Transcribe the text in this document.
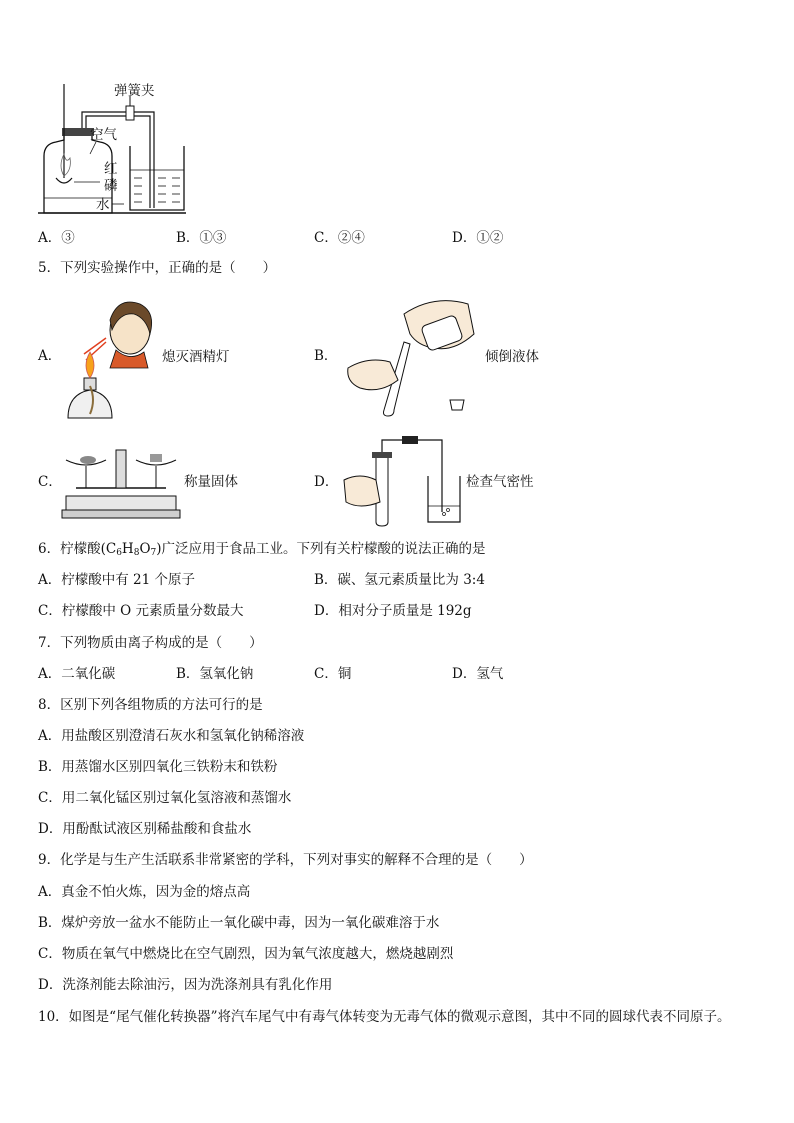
弹簧夹
空气
红
磷
水
A．③	B．①③	C．②④	D．①②
5．下列实验操作中，正确的是（　　）
A．	熄灭酒精灯	B．	倾倒液体
C．	称量固体	D．	检查气密性
6．柠檬酸$(C_6H_8O_7)$广泛应用于食品工业。下列有关柠檬酸的说法正确的是
A．柠檬酸中有 21 个原子	B．碳、氢元素质量比为 3:4
C．柠檬酸中 O 元素质量分数最大	D．相对分子质量是 192g
7．下列物质由离子构成的是（　　）
A．二氧化碳	B．氢氧化钠	C．铜	D．氢气
8．区别下列各组物质的方法可行的是
A．用盐酸区别澄清石灰水和氢氧化钠稀溶液
B．用蒸馏水区别四氧化三铁粉末和铁粉
C．用二氧化锰区别过氧化氢溶液和蒸馏水
D．用酚酞试液区别稀盐酸和食盐水
9．化学是与生产生活联系非常紧密的学科，下列对事实的解释不合理的是（　　）
A．真金不怕火炼，因为金的熔点高
B．煤炉旁放一盆水不能防止一氧化碳中毒，因为一氧化碳难溶于水
C．物质在氧气中燃烧比在空气剧烈，因为氧气浓度越大，燃烧越剧烈
D．洗涤剂能去除油污，因为洗涤剂具有乳化作用
10．如图是“尾气催化转换器”将汽车尾气中有毒气体转变为无毒气体的微观示意图，其中不同的圆球代表不同原子。
